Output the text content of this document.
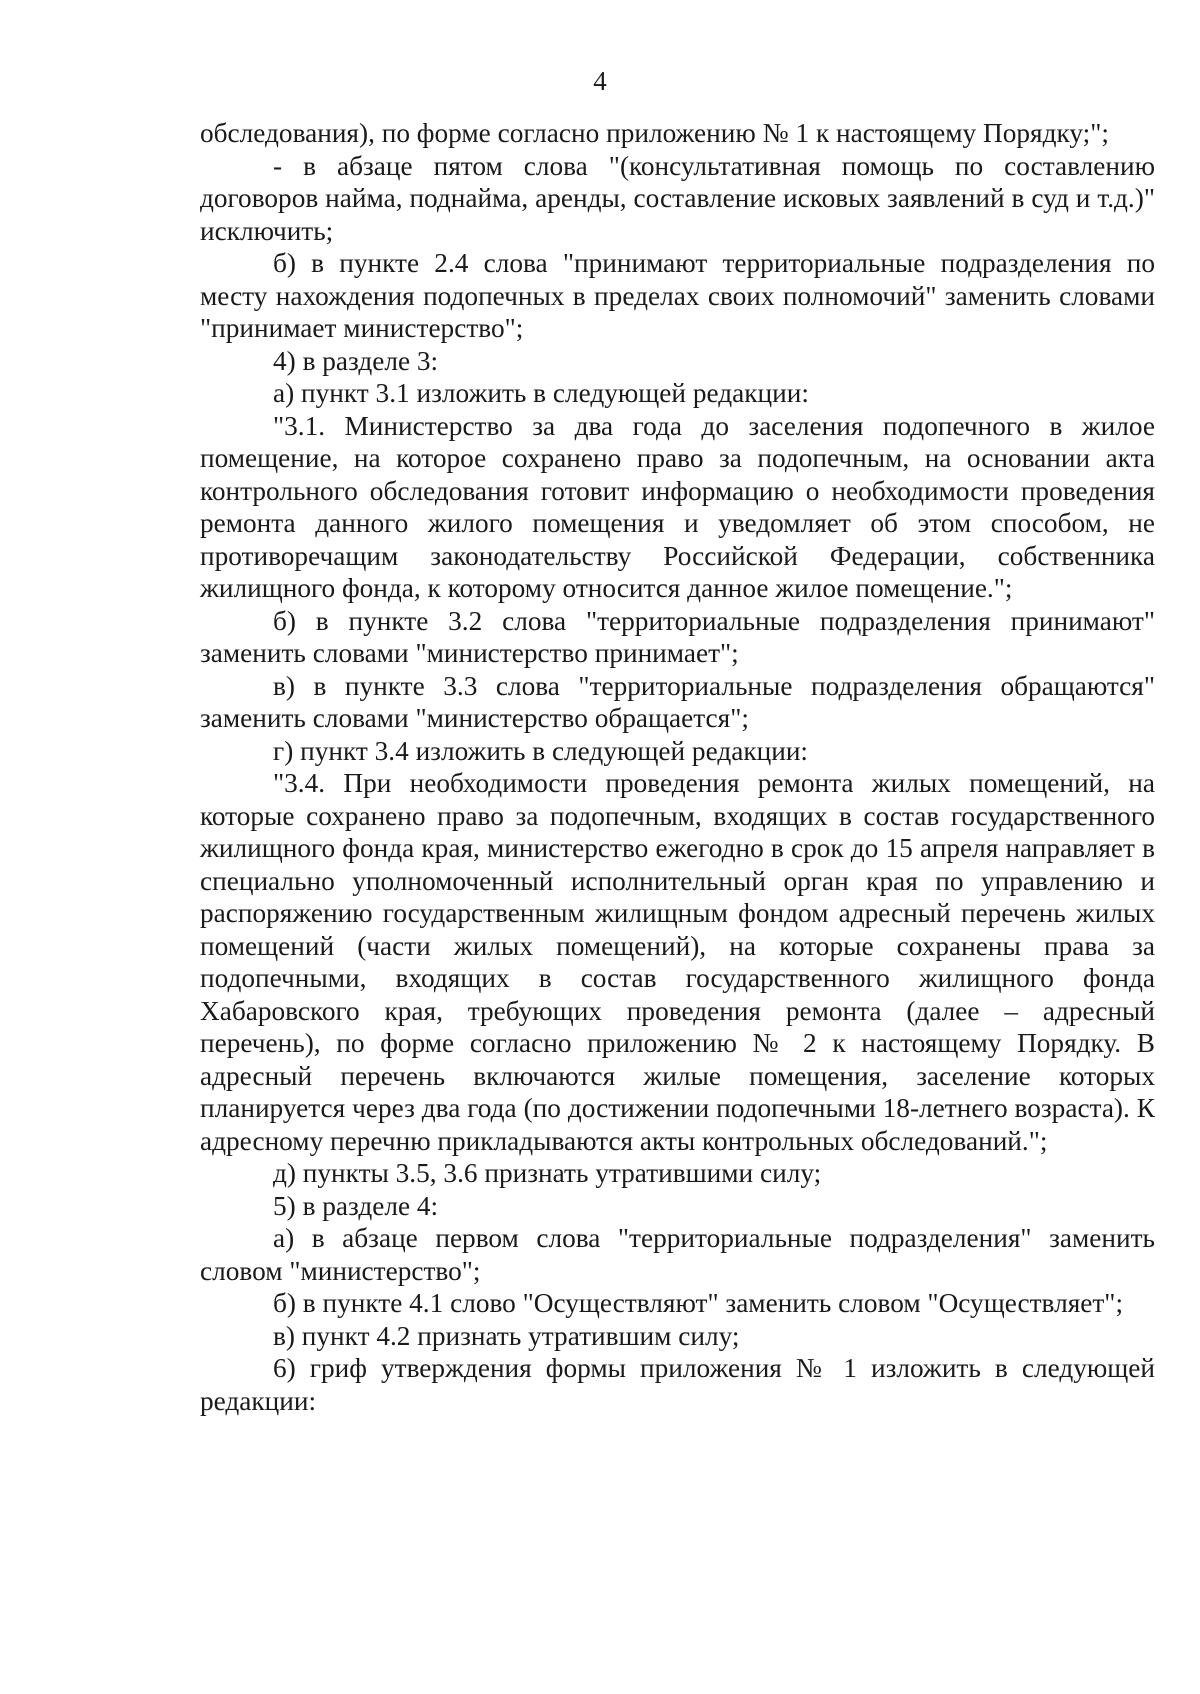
4

обследования), по форме согласно приложению № 1 к настоящему Порядку;";

- в абзаце пятом слова "(консультативная помощь по составлению договоров найма, поднайма, аренды, составление исковых заявлений в суд и т.д.)" исключить;

б) в пункте 2.4 слова "принимают территориальные подразделения по месту нахождения подопечных в пределах своих полномочий" заменить словами "принимает министерство";

4) в разделе 3:

а) пункт 3.1 изложить в следующей редакции:

"3.1. Министерство за два года до заселения подопечного в жилое помещение, на которое сохранено право за подопечным, на основании акта контрольного обследования готовит информацию о необходимости проведения ремонта данного жилого помещения и уведомляет об этом способом, не противоречащим законодательству Российской Федерации, собственника жилищного фонда, к которому относится данное жилое помещение.";

б) в пункте 3.2 слова "территориальные подразделения принимают" заменить словами "министерство принимает";

в) в пункте 3.3 слова "территориальные подразделения обращаются" заменить словами "министерство обращается";

г) пункт 3.4 изложить в следующей редакции:

"3.4. При необходимости проведения ремонта жилых помещений, на которые сохранено право за подопечным, входящих в состав государственного жилищного фонда края, министерство ежегодно в срок до 15 апреля направляет в специально уполномоченный исполнительный орган края по управлению и распоряжению государственным жилищным фондом адресный перечень жилых помещений (части жилых помещений), на которые сохранены права за подопечными, входящих в состав государственного жилищного фонда Хабаровского края, требующих проведения ремонта (далее – адресный перечень), по форме согласно приложению № 2 к настоящему Порядку. В адресный перечень включаются жилые помещения, заселение которых планируется через два года (по достижении подопечными 18-летнего возраста). К адресному перечню прикладываются акты контрольных обследований.";

д) пункты 3.5, 3.6 признать утратившими силу;

5) в разделе 4:

а) в абзаце первом слова "территориальные подразделения" заменить словом "министерство";

б) в пункте 4.1 слово "Осуществляют" заменить словом "Осуществляет";

в) пункт 4.2 признать утратившим силу;

6) гриф утверждения формы приложения № 1 изложить в следующей редакции:
